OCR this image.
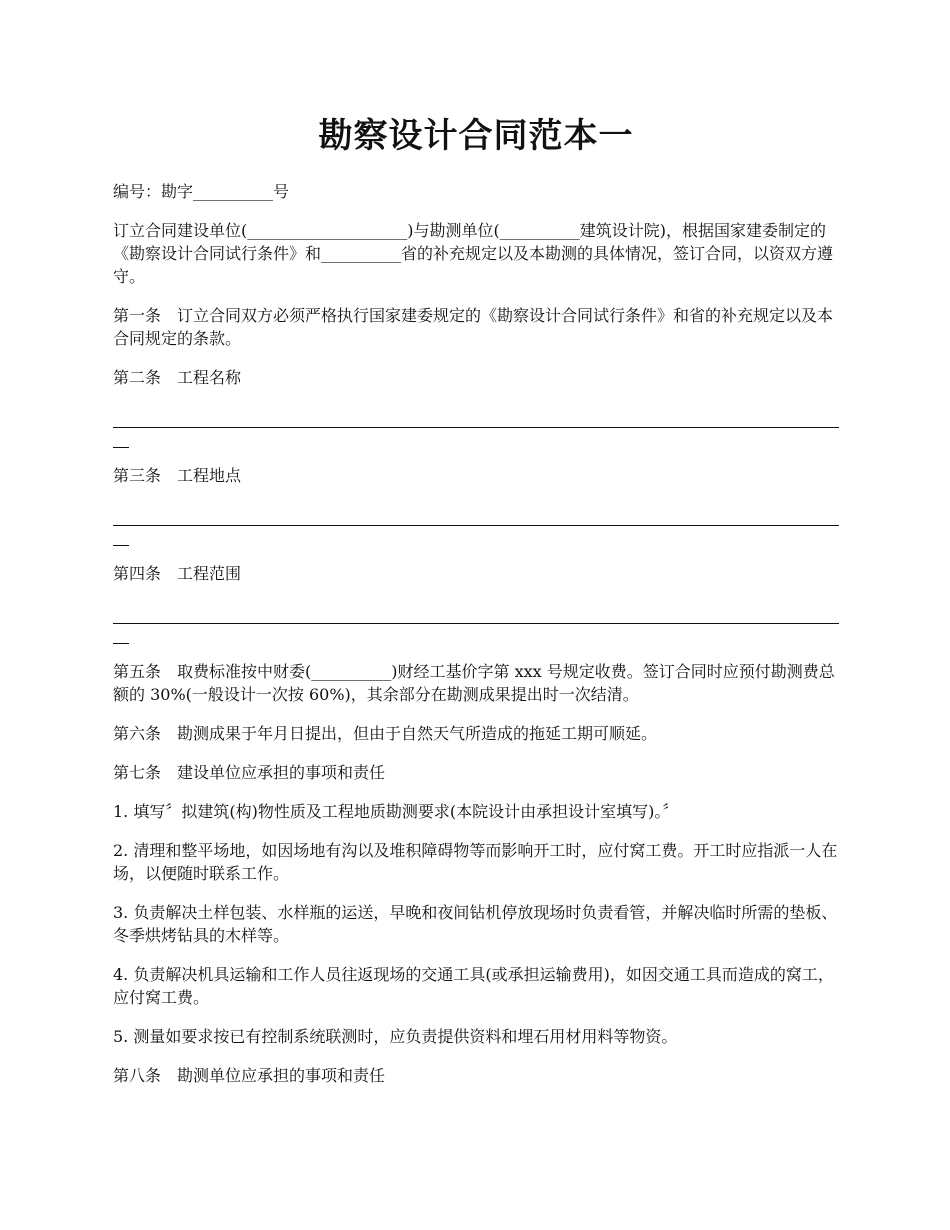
勘察设计合同范本一

编号：勘字__________号

订立合同建设单位(____________________)与勘测单位(__________建筑设计院)，根据国家建委制定的《勘察设计合同试行条件》和__________省的补充规定以及本勘测的具体情况，签订合同，以资双方遵守。

第一条　订立合同双方必须严格执行国家建委规定的《勘察设计合同试行条件》和省的补充规定以及本合同规定的条款。

第二条　工程名称

第三条　工程地点

第四条　工程范围

第五条　取费标准按中财委(__________)财经工基价字第 xxx 号规定收费。签订合同时应预付勘测费总额的 30%(一般设计一次按 60%)，其余部分在勘测成果提出时一次结清。

第六条　勘测成果于年月日提出，但由于自然天气所造成的拖延工期可顺延。

第七条　建设单位应承担的事项和责任

1. 填写〞拟建筑(构)物性质及工程地质勘测要求(本院设计由承担设计室填写)。〞

2. 清理和整平场地，如因场地有沟以及堆积障碍物等而影响开工时，应付窝工费。开工时应指派一人在场，以便随时联系工作。

3. 负责解决土样包装、水样瓶的运送，早晚和夜间钻机停放现场时负责看管，并解决临时所需的垫板、冬季烘烤钻具的木样等。

4. 负责解决机具运输和工作人员往返现场的交通工具(或承担运输费用)，如因交通工具而造成的窝工，应付窝工费。

5. 测量如要求按已有控制系统联测时，应负责提供资料和埋石用材用料等物资。

第八条　勘测单位应承担的事项和责任
